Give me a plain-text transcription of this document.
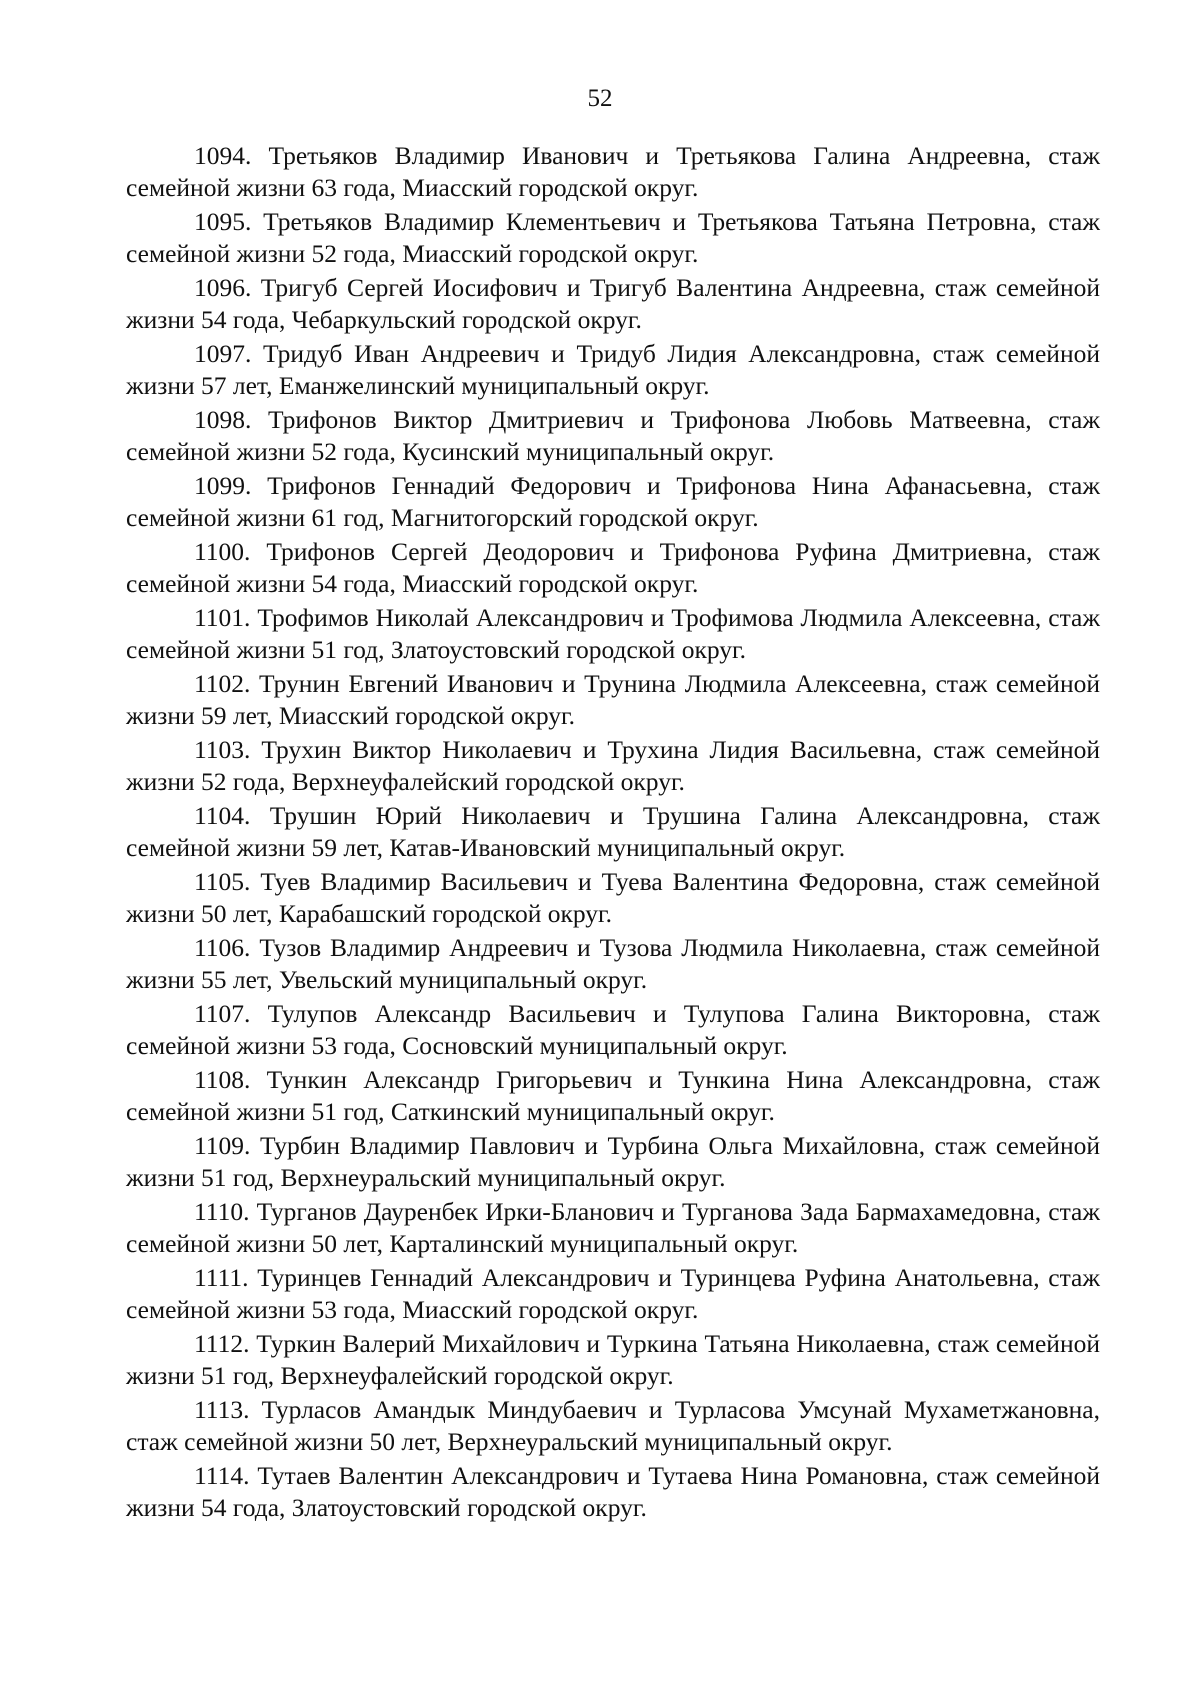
52

1094. Третьяков Владимир Иванович и Третьякова Галина Андреевна, стаж семейной жизни 63 года, Миасский городской округ.

1095. Третьяков Владимир Клементьевич и Третьякова Татьяна Петровна, стаж семейной жизни 52 года, Миасский городской округ.

1096. Тригуб Сергей Иосифович и Тригуб Валентина Андреевна, стаж семейной жизни 54 года, Чебаркульский городской округ.

1097. Тридуб Иван Андреевич и Тридуб Лидия Александровна, стаж семейной жизни 57 лет, Еманжелинский муниципальный округ.

1098. Трифонов Виктор Дмитриевич и Трифонова Любовь Матвеевна, стаж семейной жизни 52 года, Кусинский муниципальный округ.

1099. Трифонов Геннадий Федорович и Трифонова Нина Афанасьевна, стаж семейной жизни 61 год, Магнитогорский городской округ.

1100. Трифонов Сергей Деодорович и Трифонова Руфина Дмитриевна, стаж семейной жизни 54 года, Миасский городской округ.

1101. Трофимов Николай Александрович и Трофимова Людмила Алексеевна, стаж семейной жизни 51 год, Златоустовский городской округ.

1102. Трунин Евгений Иванович и Трунина Людмила Алексеевна, стаж семейной жизни 59 лет, Миасский городской округ.

1103. Трухин Виктор Николаевич и Трухина Лидия Васильевна, стаж семейной жизни 52 года, Верхнеуфалейский городской округ.

1104. Трушин Юрий Николаевич и Трушина Галина Александровна, стаж семейной жизни 59 лет, Катав-Ивановский муниципальный округ.

1105. Туев Владимир Васильевич и Туева Валентина Федоровна, стаж семейной жизни 50 лет, Карабашский городской округ.

1106. Тузов Владимир Андреевич и Тузова Людмила Николаевна, стаж семейной жизни 55 лет, Увельский муниципальный округ.

1107. Тулупов Александр Васильевич и Тулупова Галина Викторовна, стаж семейной жизни 53 года, Сосновский муниципальный округ.

1108. Тункин Александр Григорьевич и Тункина Нина Александровна, стаж семейной жизни 51 год, Саткинский муниципальный округ.

1109. Турбин Владимир Павлович и Турбина Ольга Михайловна, стаж семейной жизни 51 год, Верхнеуральский муниципальный округ.

1110. Турганов Дауренбек Ирки-Бланович и Турганова Зада Бармахамедовна, стаж семейной жизни 50 лет, Карталинский муниципальный округ.

1111. Туринцев Геннадий Александрович и Туринцева Руфина Анатольевна, стаж семейной жизни 53 года, Миасский городской округ.

1112. Туркин Валерий Михайлович и Туркина Татьяна Николаевна, стаж семейной жизни 51 год, Верхнеуфалейский городской округ.

1113. Турласов Амандык Миндубаевич и Турласова Умсунай Мухаметжановна, стаж семейной жизни 50 лет, Верхнеуральский муниципальный округ.

1114. Тутаев Валентин Александрович и Тутаева Нина Романовна, стаж семейной жизни 54 года, Златоустовский городской округ.
